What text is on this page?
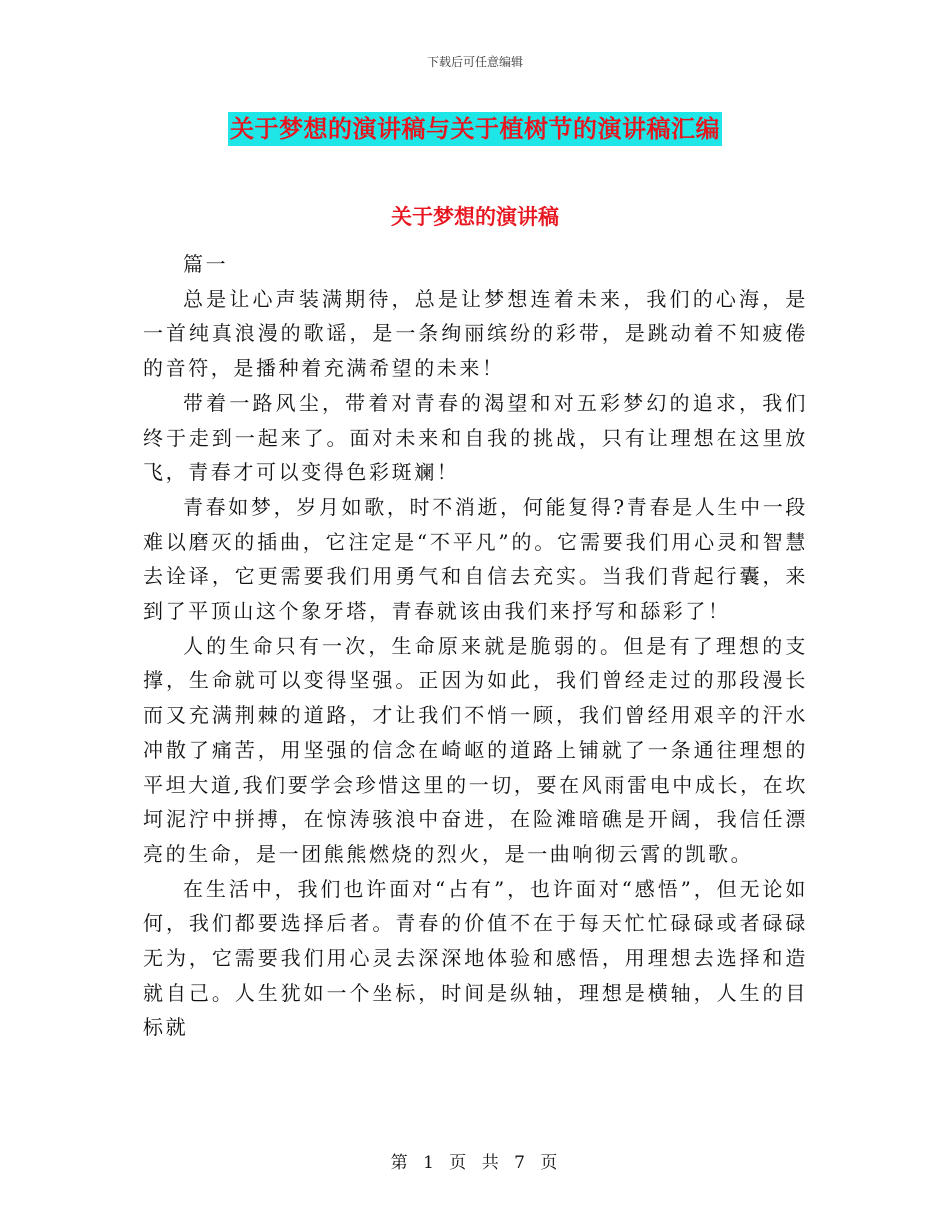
下载后可任意编辑
关于梦想的演讲稿与关于植树节的演讲稿汇编
关于梦想的演讲稿

篇一

总是让心声装满期待，总是让梦想连着未来，我们的心海，是一首纯真浪漫的歌谣，是一条绚丽缤纷的彩带，是跳动着不知疲倦的音符，是播种着充满希望的未来！

带着一路风尘，带着对青春的渴望和对五彩梦幻的追求，我们终于走到一起来了。面对未来和自我的挑战，只有让理想在这里放飞，青春才可以变得色彩斑斓！

青春如梦，岁月如歌，时不消逝，何能复得?青春是人生中一段难以磨灭的插曲，它注定是“不平凡”的。它需要我们用心灵和智慧去诠译，它更需要我们用勇气和自信去充实。当我们背起行囊，来到了平顶山这个象牙塔，青春就该由我们来抒写和舔彩了！

人的生命只有一次，生命原来就是脆弱的。但是有了理想的支撑，生命就可以变得坚强。正因为如此，我们曾经走过的那段漫长而又充满荆棘的道路，才让我们不悄一顾，我们曾经用艰辛的汗水冲散了痛苦，用坚强的信念在崎岖的道路上铺就了一条通往理想的平坦大道,我们要学会珍惜这里的一切，要在风雨雷电中成长，在坎坷泥泞中拼搏，在惊涛骇浪中奋进，在险滩暗礁是开阔，我信任漂亮的生命，是一团熊熊燃烧的烈火，是一曲响彻云霄的凯歌。

在生活中，我们也许面对“占有”，也许面对“感悟”，但无论如何，我们都要选择后者。青春的价值不在于每天忙忙碌碌或者碌碌无为，它需要我们用心灵去深深地体验和感悟，用理想去选择和造就自己。人生犹如一个坐标，时间是纵轴，理想是横轴，人生的目标就

第 1 页 共 7 页
